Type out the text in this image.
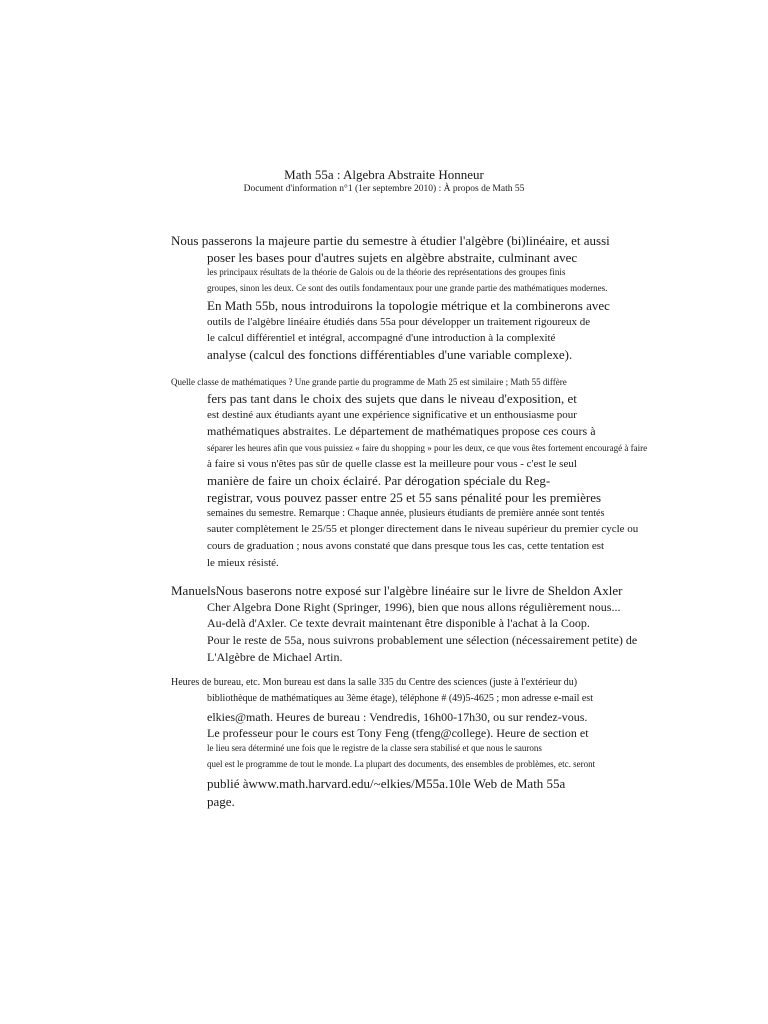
Math 55a : Algebra Abstraite Honneur
Document d'information n°1 (1er septembre 2010) : À propos de Math 55
Nous passerons la majeure partie du semestre à étudier l'algèbre (bi)linéaire, et aussi
poser les bases pour d'autres sujets en algèbre abstraite, culminant avec
les principaux résultats de la théorie de Galois ou de la théorie des représentations des groupes finis
groupes, sinon les deux. Ce sont des outils fondamentaux pour une grande partie des mathématiques modernes.
En Math 55b, nous introduirons la topologie métrique et la combinerons avec
outils de l'algèbre linéaire étudiés dans 55a pour développer un traitement rigoureux de
le calcul différentiel et intégral, accompagné d'une introduction à la complexité
analyse (calcul des fonctions différentiables d'une variable complexe).
Quelle classe de mathématiques ? Une grande partie du programme de Math 25 est similaire ; Math 55 diffère
fers pas tant dans le choix des sujets que dans le niveau d'exposition, et
est destiné aux étudiants ayant une expérience significative et un enthousiasme pour
mathématiques abstraites. Le département de mathématiques propose ces cours à
séparer les heures afin que vous puissiez « faire du shopping » pour les deux, ce que vous êtes fortement encouragé à faire
à faire si vous n'êtes pas sûr de quelle classe est la meilleure pour vous - c'est le seul
manière de faire un choix éclairé. Par dérogation spéciale du Reg-
registrar, vous pouvez passer entre 25 et 55 sans pénalité pour les premières
semaines du semestre. Remarque : Chaque année, plusieurs étudiants de première année sont tentés
sauter complètement le 25/55 et plonger directement dans le niveau supérieur du premier cycle ou
cours de graduation ; nous avons constaté que dans presque tous les cas, cette tentation est
le mieux résisté.
ManuelsNous baserons notre exposé sur l'algèbre linéaire sur le livre de Sheldon Axler
Cher Algebra Done Right (Springer, 1996), bien que nous allons régulièrement nous...
Au-delà d'Axler. Ce texte devrait maintenant être disponible à l'achat à la Coop.
Pour le reste de 55a, nous suivrons probablement une sélection (nécessairement petite) de
L'Algèbre de Michael Artin.
Heures de bureau, etc. Mon bureau est dans la salle 335 du Centre des sciences (juste à l'extérieur du)
bibliothèque de mathématiques au 3ème étage), téléphone # (49)5-4625 ; mon adresse e-mail est
elkies@math. Heures de bureau : Vendredis, 16h00-17h30, ou sur rendez-vous.
Le professeur pour le cours est Tony Feng (tfeng@college). Heure de section et
le lieu sera déterminé une fois que le registre de la classe sera stabilisé et que nous le saurons
quel est le programme de tout le monde. La plupart des documents, des ensembles de problèmes, etc. seront
publié àwww.math.harvard.edu/~elkies/M55a.10le Web de Math 55a
page.
